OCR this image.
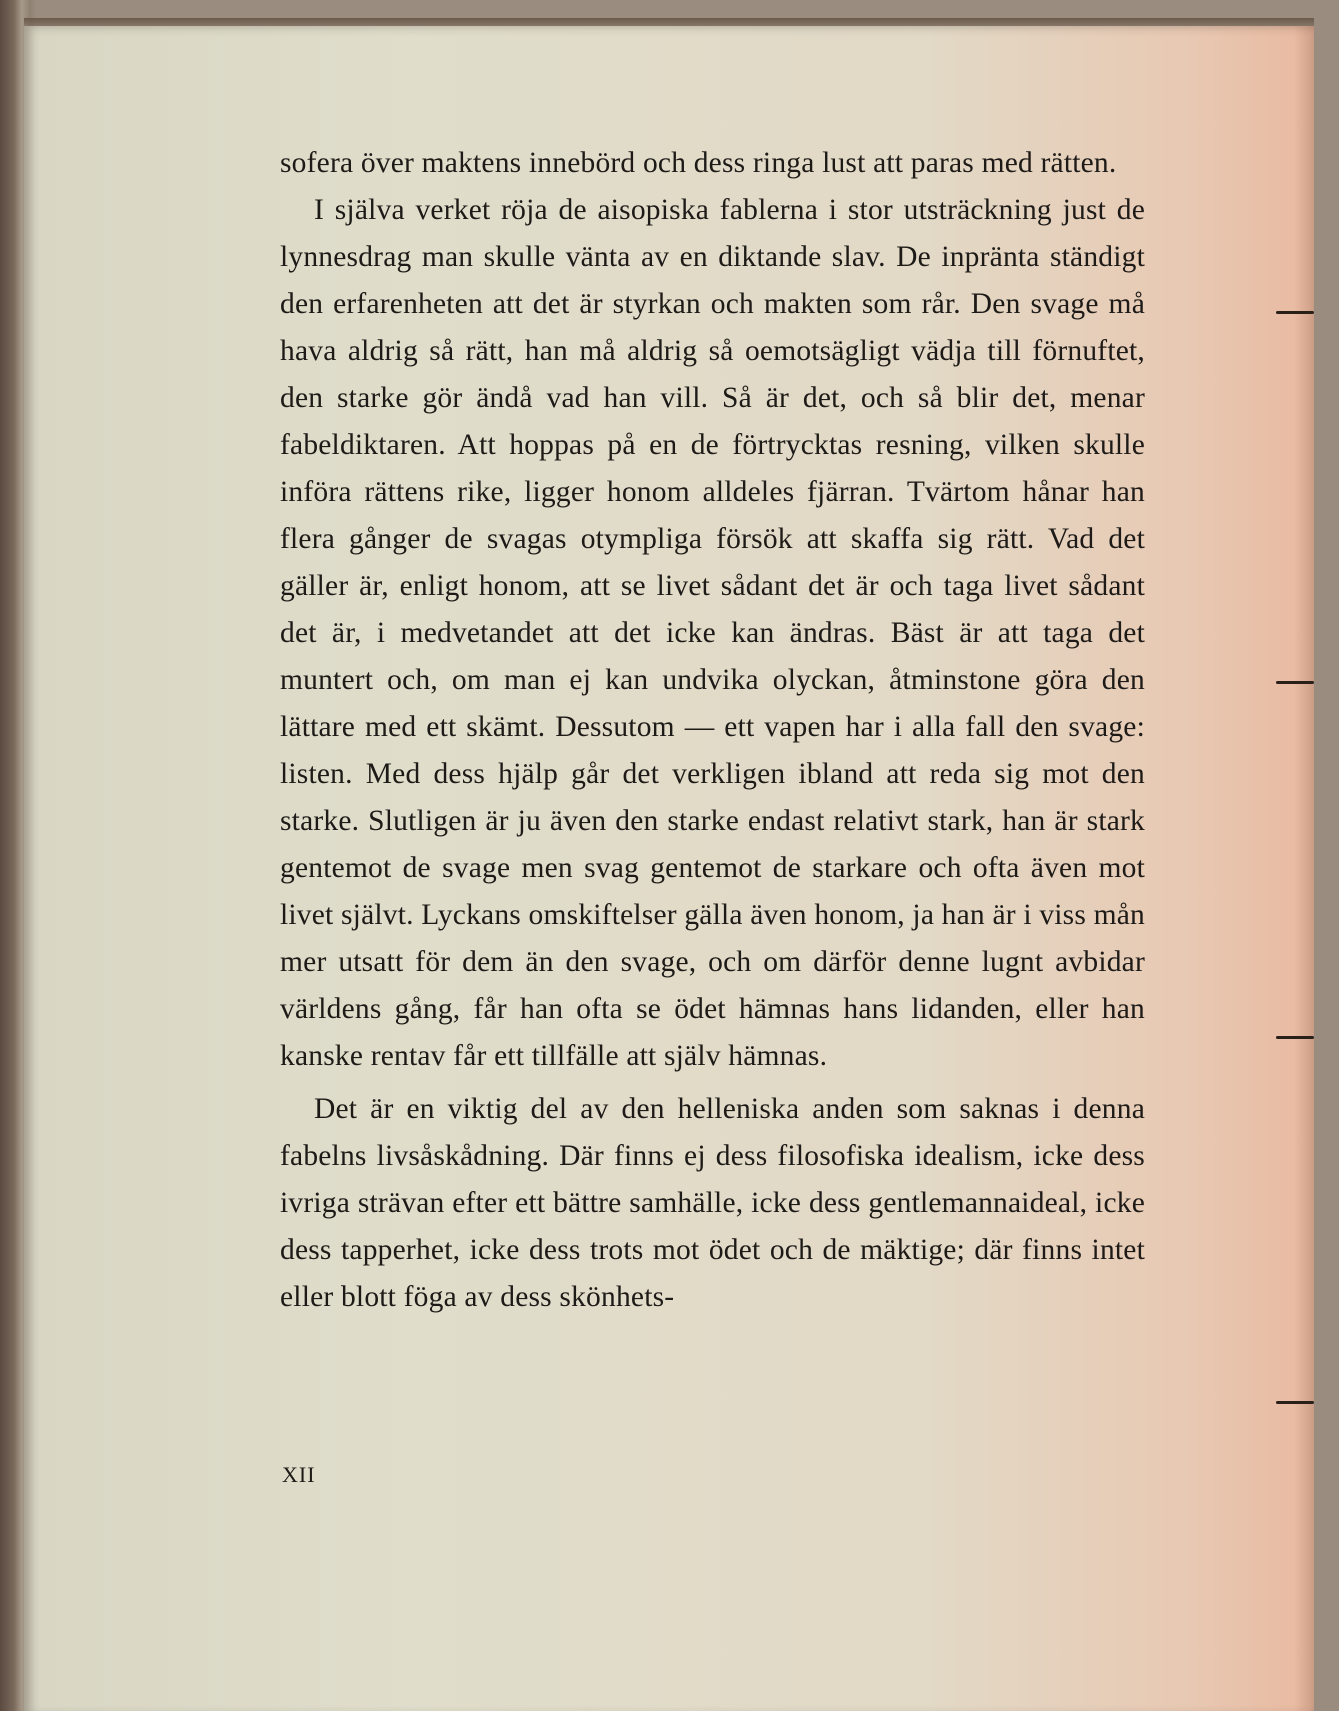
sofera över maktens innebörd och dess ringa lust att paras med rätten.

I själva verket röja de aisopiska fablerna i stor utsträckning just de lynnesdrag man skulle vänta av en diktande slav. De inpränta ständigt den erfarenheten att det är styrkan och makten som rår. Den svage må hava aldrig så rätt, han må aldrig så oemotsägligt vädja till förnuftet, den starke gör ändå vad han vill. Så är det, och så blir det, menar fabeldiktaren. Att hoppas på en de förtrycktas resning, vilken skulle införa rättens rike, ligger honom alldeles fjärran. Tvärtom hånar han flera gånger de svagas otympliga försök att skaffa sig rätt. Vad det gäller är, enligt honom, att se livet sådant det är och taga livet sådant det är, i medvetandet att det icke kan ändras. Bäst är att taga det muntert och, om man ej kan undvika olyckan, åtminstone göra den lättare med ett skämt. Dessutom — ett vapen har i alla fall den svage: listen. Med dess hjälp går det verkligen ibland att reda sig mot den starke. Slutligen är ju även den starke endast relativt stark, han är stark gentemot de svage men svag gentemot de starkare och ofta även mot livet självt. Lyckans omskiftelser gälla även honom, ja han är i viss mån mer utsatt för dem än den svage, och om därför denne lugnt avbidar världens gång, får han ofta se ödet hämnas hans lidanden, eller han kanske rentav får ett tillfälle att själv hämnas.

Det är en viktig del av den helleniska anden som saknas i denna fabelns livsåskådning. Där finns ej dess filosofiska idealism, icke dess ivriga strävan efter ett bättre samhälle, icke dess gentlemannaideal, icke dess tapperhet, icke dess trots mot ödet och de mäktige; där finns intet eller blott föga av dess skönhets-

XII
